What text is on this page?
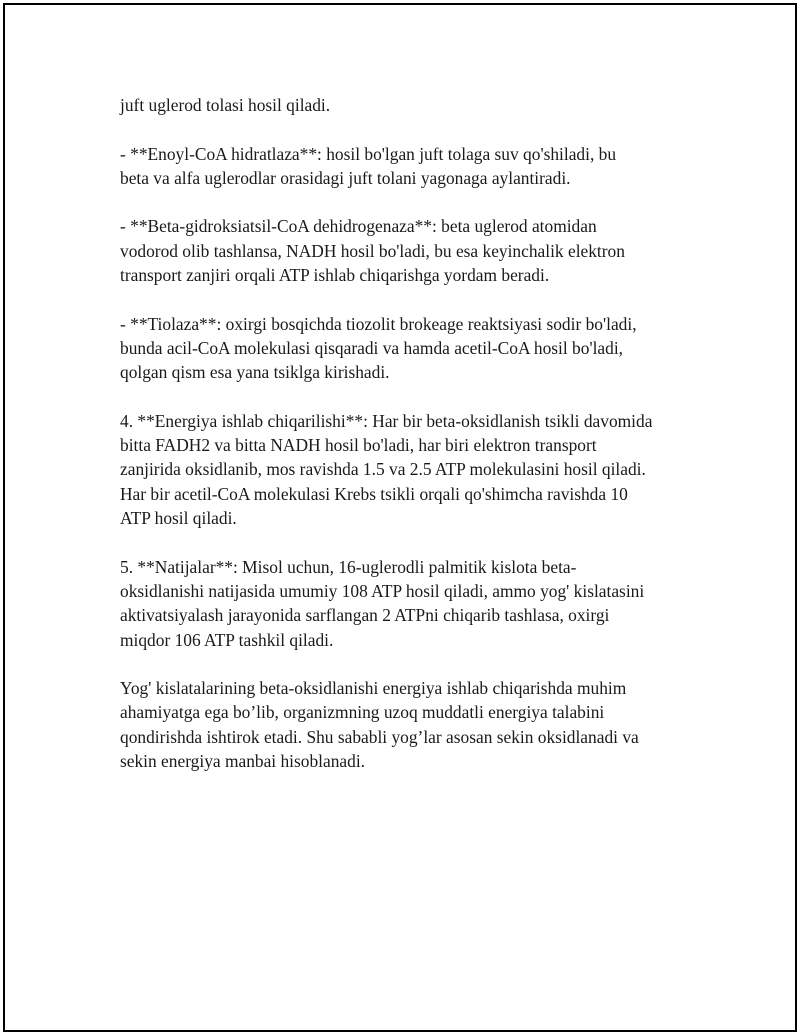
juft uglerod tolasi hosil qiladi.

- **Enoyl-CoA hidratlaza**: hosil bo'lgan juft tolaga suv qo'shiladi, bu
beta va alfa uglerodlar orasidagi juft tolani yagonaga aylantiradi.

- **Beta-gidroksiatsil-CoA dehidrogenaza**: beta uglerod atomidan
vodorod olib tashlansa, NADH hosil bo'ladi, bu esa keyinchalik elektron
transport zanjiri orqali ATP ishlab chiqarishga yordam beradi.

- **Tiolaza**: oxirgi bosqichda tiozolit brokeage reaktsiyasi sodir bo'ladi,
bunda acil-CoA molekulasi qisqaradi va hamda acetil-CoA hosil bo'ladi,
qolgan qism esa yana tsiklga kirishadi.

4. **Energiya ishlab chiqarilishi**: Har bir beta-oksidlanish tsikli davomida
bitta FADH2 va bitta NADH hosil bo'ladi, har biri elektron transport
zanjirida oksidlanib, mos ravishda 1.5 va 2.5 ATP molekulasini hosil qiladi.
Har bir acetil-CoA molekulasi Krebs tsikli orqali qo'shimcha ravishda 10
ATP hosil qiladi.

5. **Natijalar**: Misol uchun, 16-uglerodli palmitik kislota beta-
oksidlanishi natijasida umumiy 108 ATP hosil qiladi, ammo yog' kislatasini
aktivatsiyalash jarayonida sarflangan 2 ATPni chiqarib tashlasa, oxirgi
miqdor 106 ATP tashkil qiladi.

Yog' kislatalarining beta-oksidlanishi energiya ishlab chiqarishda muhim
ahamiyatga ega bo’lib, organizmning uzoq muddatli energiya talabini
qondirishda ishtirok etadi. Shu sababli yog’lar asosan sekin oksidlanadi va
sekin energiya manbai hisoblanadi.
